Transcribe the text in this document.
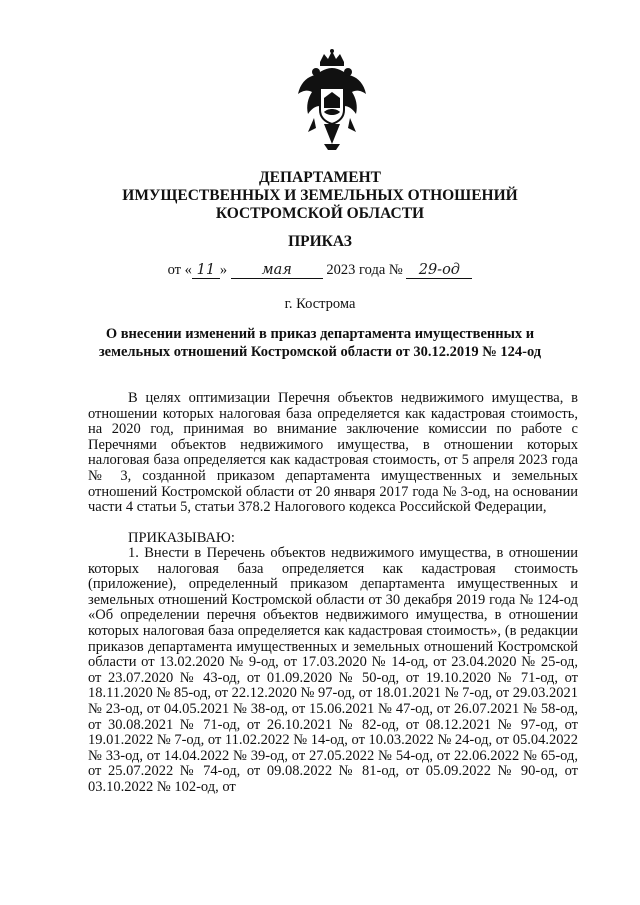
ДЕПАРТАМЕНТ
ИМУЩЕСТВЕННЫХ И ЗЕМЕЛЬНЫХ ОТНОШЕНИЙ
КОСТРОМСКОЙ ОБЛАСТИ
ПРИКАЗ
от « 11 » мая 2023 года № 29-од
г. Кострома
О внесении изменений в приказ департамента имущественных и
земельных отношений Костромской области от 30.12.2019 № 124-од
В целях оптимизации Перечня объектов недвижимого имущества, в отношении которых налоговая база определяется как кадастровая стоимость, на 2020 год, принимая во внимание заключение комиссии по работе с Перечнями объектов недвижимого имущества, в отношении которых налоговая база определяется как кадастровая стоимость, от 5 апреля 2023 года № 3, созданной приказом департамента имущественных и земельных отношений Костромской области от 20 января 2017 года № 3-од, на основании части 4 статьи 5, статьи 378.2 Налогового кодекса Российской Федерации,
ПРИКАЗЫВАЮ:
1. Внести в Перечень объектов недвижимого имущества, в отношении которых налоговая база определяется как кадастровая стоимость (приложение), определенный приказом департамента имущественных и земельных отношений Костромской области от 30 декабря 2019 года № 124-од «Об определении перечня объектов недвижимого имущества, в отношении которых налоговая база определяется как кадастровая стоимость», (в редакции приказов департамента имущественных и земельных отношений Костромской области от 13.02.2020 № 9-од, от 17.03.2020 № 14-од, от 23.04.2020 № 25-од, от 23.07.2020 № 43-од, от 01.09.2020 № 50-од, от 19.10.2020 № 71-од, от 18.11.2020 № 85-од, от 22.12.2020 № 97-од, от 18.01.2021 № 7-од, от 29.03.2021 № 23-од, от 04.05.2021 № 38-од, от 15.06.2021 № 47-од, от 26.07.2021 № 58-од, от 30.08.2021 № 71-од, от 26.10.2021 № 82-од, от 08.12.2021 № 97-од, от 19.01.2022 № 7-од, от 11.02.2022 № 14-од, от 10.03.2022 № 24-од, от 05.04.2022 № 33-од, от 14.04.2022 № 39-од, от 27.05.2022 № 54-од, от 22.06.2022 № 65-од, от 25.07.2022 № 74-од, от 09.08.2022 № 81-од, от 05.09.2022 № 90-од, от 03.10.2022 № 102-од, от
